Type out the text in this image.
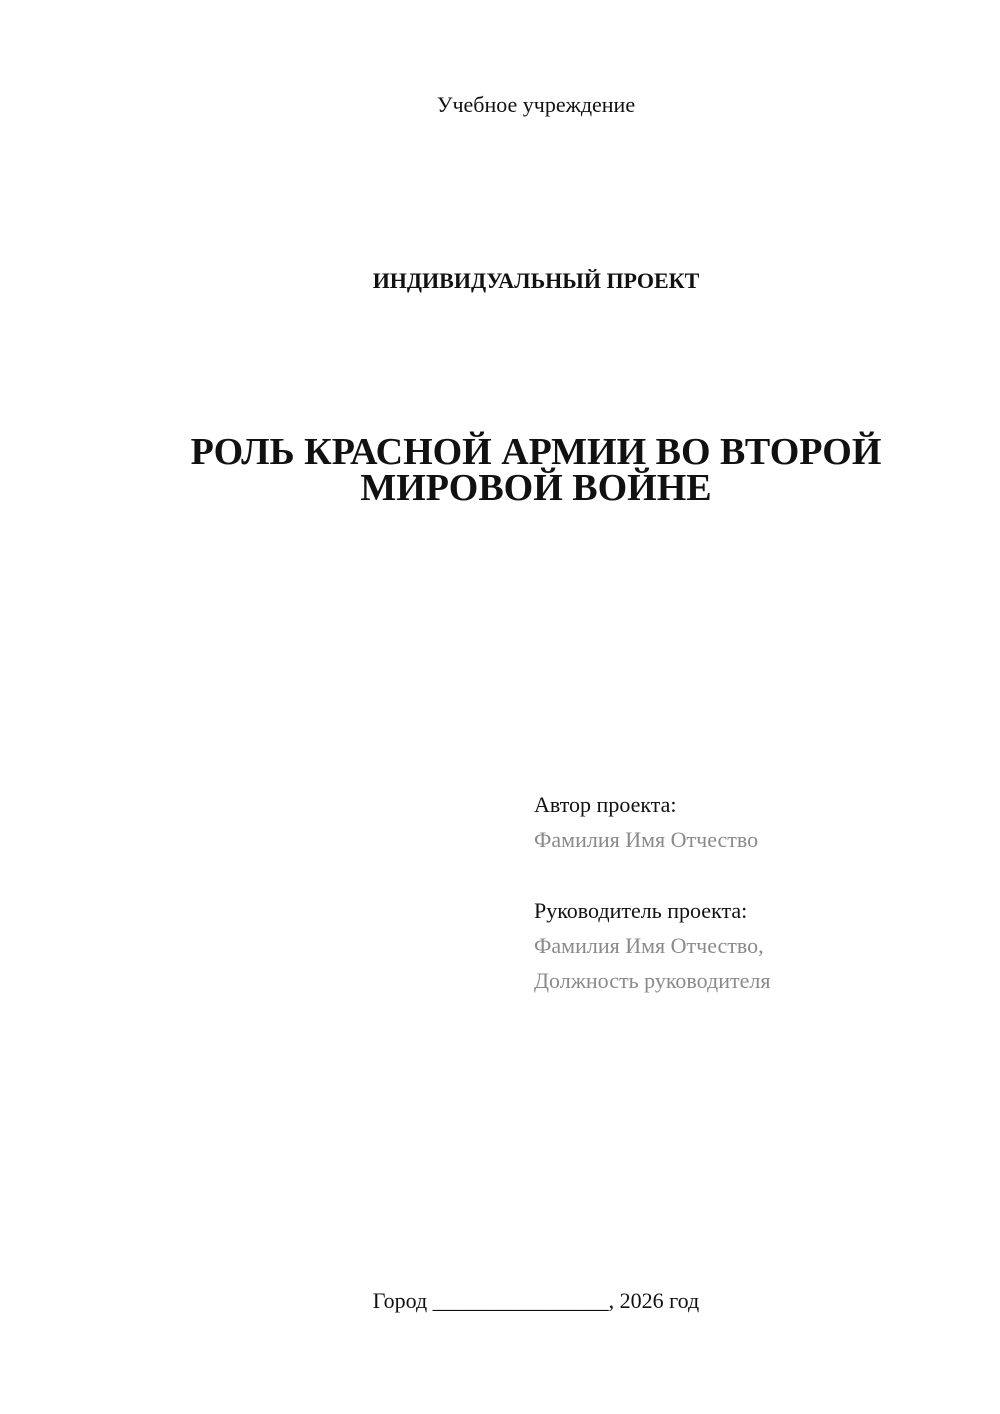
Учебное учреждение
ИНДИВИДУАЛЬНЫЙ ПРОЕКТ
РОЛЬ КРАСНОЙ АРМИИ ВО ВТОРОЙ
МИРОВОЙ ВОЙНЕ
Автор проекта:
Фамилия Имя Отчество
Руководитель проекта:
Фамилия Имя Отчество,
Должность руководителя
Город ________________, 2026 год
